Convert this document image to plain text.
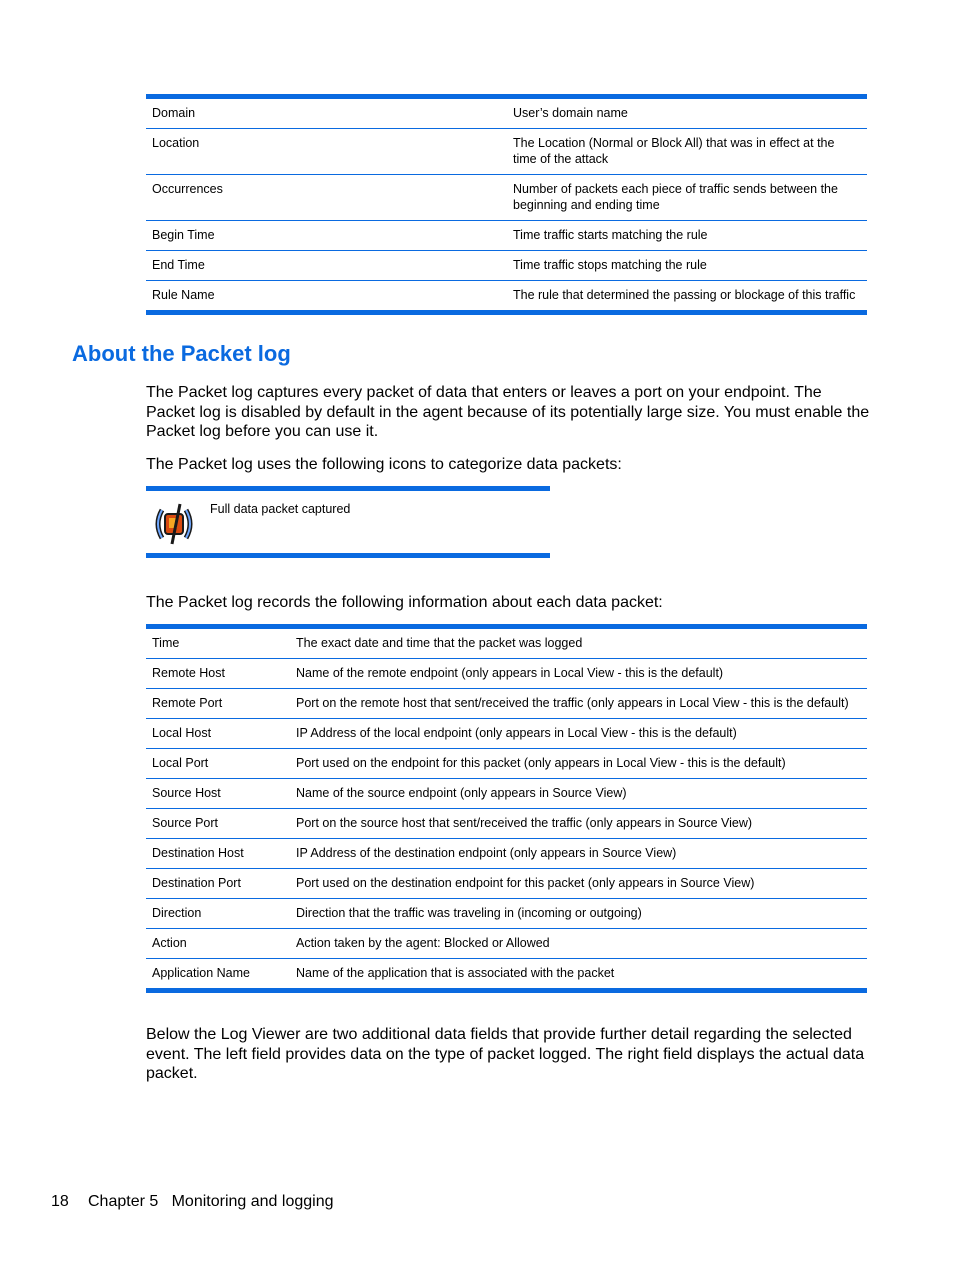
Domain	User’s domain name
Location	The Location (Normal or Block All) that was in effect at the time of the attack
Occurrences	Number of packets each piece of traffic sends between the beginning and ending time
Begin Time	Time traffic starts matching the rule
End Time	Time traffic stops matching the rule
Rule Name	The rule that determined the passing or blockage of this traffic
About the Packet log

The Packet log captures every packet of data that enters or leaves a port on your endpoint. The Packet log is disabled by default in the agent because of its potentially large size. You must enable the Packet log before you can use it.

The Packet log uses the following icons to categorize data packets:

Full data packet captured

The Packet log records the following information about each data packet:

Time	The exact date and time that the packet was logged
Remote Host	Name of the remote endpoint (only appears in Local View - this is the default)
Remote Port	Port on the remote host that sent/received the traffic (only appears in Local View - this is the default)
Local Host	IP Address of the local endpoint (only appears in Local View - this is the default)
Local Port	Port used on the endpoint for this packet (only appears in Local View - this is the default)
Source Host	Name of the source endpoint (only appears in Source View)
Source Port	Port on the source host that sent/received the traffic (only appears in Source View)
Destination Host	IP Address of the destination endpoint (only appears in Source View)
Destination Port	Port used on the destination endpoint for this packet (only appears in Source View)
Direction	Direction that the traffic was traveling in (incoming or outgoing)
Action	Action taken by the agent: Blocked or Allowed
Application Name	Name of the application that is associated with the packet

Below the Log Viewer are two additional data fields that provide further detail regarding the selected event. The left field provides data on the type of packet logged. The right field displays the actual data packet.

18 Chapter 5   Monitoring and logging
